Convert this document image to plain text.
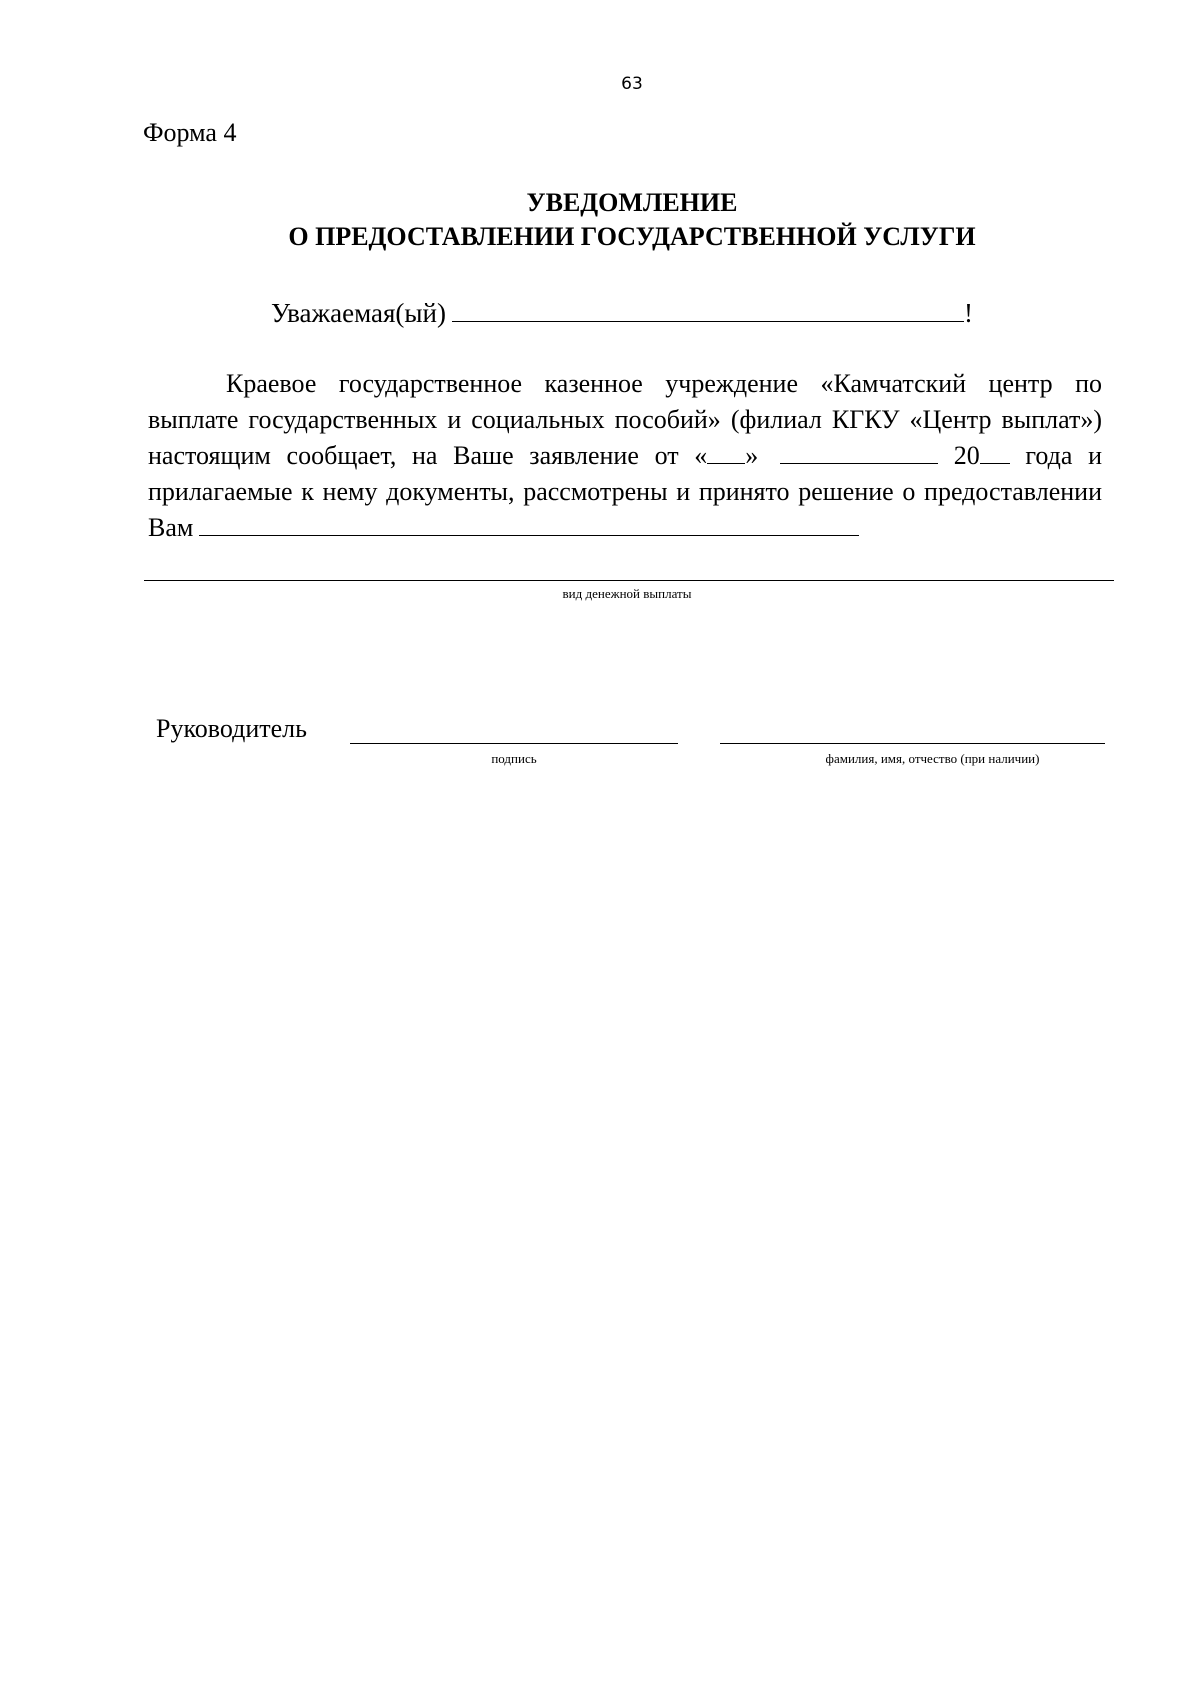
63
Форма 4
УВЕДОМЛЕНИЕ
О ПРЕДОСТАВЛЕНИИ ГОСУДАРСТВЕННОЙ УСЛУГИ
Уважаемая(ый)	!

Краевое государственное казенное учреждение «Камчатский центр по выплате государственных и социальных пособий» (филиал КГКУ «Центр выплат») настоящим сообщает, на Ваше заявление от « »	20 года и прилагаемые к нему документы, рассмотрены и принято решение о предоставлении Вам

вид денежной выплаты
Руководитель
подпись	фамилия, имя, отчество (при наличии)
